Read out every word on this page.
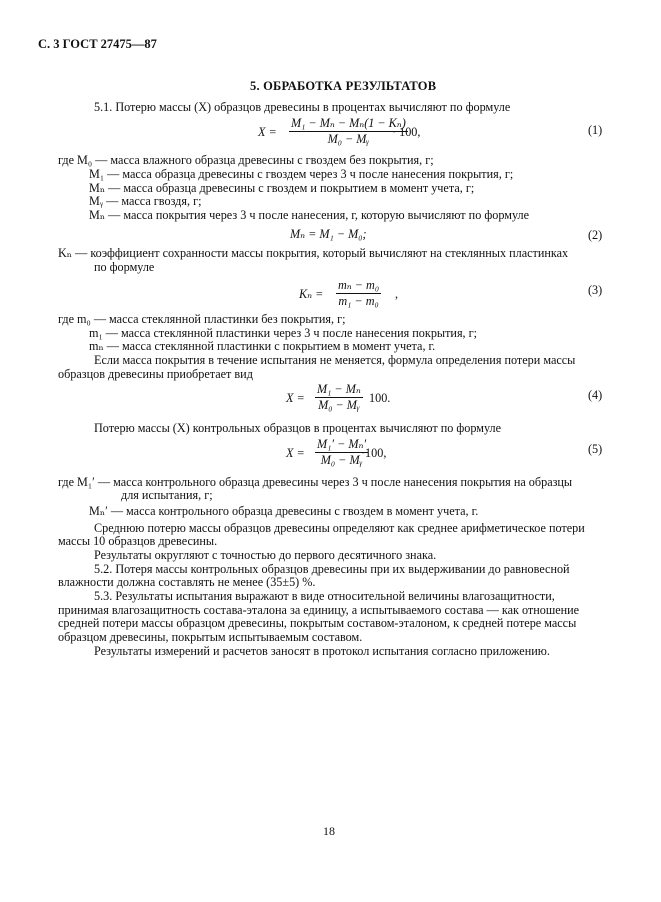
С. 3 ГОСТ 27475—87
5. ОБРАБОТКА РЕЗУЛЬТАТОВ
5.1. Потерю массы (X) образцов древесины в процентах вычисляют по формуле
$X = \frac{\text{M₁ − Mₙ − Mₙ(1 − Kₙ)}}{\text{M₀ − Mᵧ}}$
· 100,	(1)
где M₀ — масса влажного образца древесины с гвоздем без покрытия, г;
M₁ — масса образца древесины с гвоздем через 3 ч после нанесения покрытия, г;
Mₙ — масса образца древесины с гвоздем и покрытием в момент учета, г;
Mᵧ — масса гвоздя, г;
Mₙ — масса покрытия через 3 ч после нанесения, г, которую вычисляют по формуле
Mₙ = M₁ − M₀;	(2)
Kₙ — коэффициент сохранности массы покрытия, который вычисляют на стеклянных пластинках
по формуле
$K_n = \frac{\text{mₙ − m₀}}{\text{m₁ − m₀}}$ ,	(3)
где m₀ — масса стеклянной пластинки без покрытия, г;
m₁ — масса стеклянной пластинки через 3 ч после нанесения покрытия, г;
mₙ — масса стеклянной пластинки с покрытием в момент учета, г.
Если масса покрытия в течение испытания не меняется, формула определения потери массы
образцов древесины приобретает вид
$X = \frac{\text{M₁ − Mₙ}}{\text{M₀ − Mᵧ}} 100$.	(4)
Потерю массы (X) контрольных образцов в процентах вычисляют по формуле
$X = \frac{\text{M₁′ − Mₙ′}}{\text{M₀ − Mᵧ}}$
·100,	(5)
где M₁′ — масса контрольного образца древесины через 3 ч после нанесения покрытия на образцы
для испытания, г;
Mₙ′ — масса контрольного образца древесины с гвоздем в момент учета, г.
Среднюю потерю массы образцов древесины определяют как среднее арифметическое потери
массы 10 образцов древесины.
Результаты округляют с точностью до первого десятичного знака.
5.2. Потеря массы контрольных образцов древесины при их выдерживании до равновесной
влажности должна составлять не менее (35±5) %.
5.3. Результаты испытания выражают в виде относительной величины влагозащитности,
принимая влагозащитность состава-эталона за единицу, а испытываемого состава — как отношение
средней потери массы образцом древесины, покрытым составом-эталоном, к средней потере массы
образцом древесины, покрытым испытываемым составом.
Результаты измерений и расчетов заносят в протокол испытания согласно приложению.
18
